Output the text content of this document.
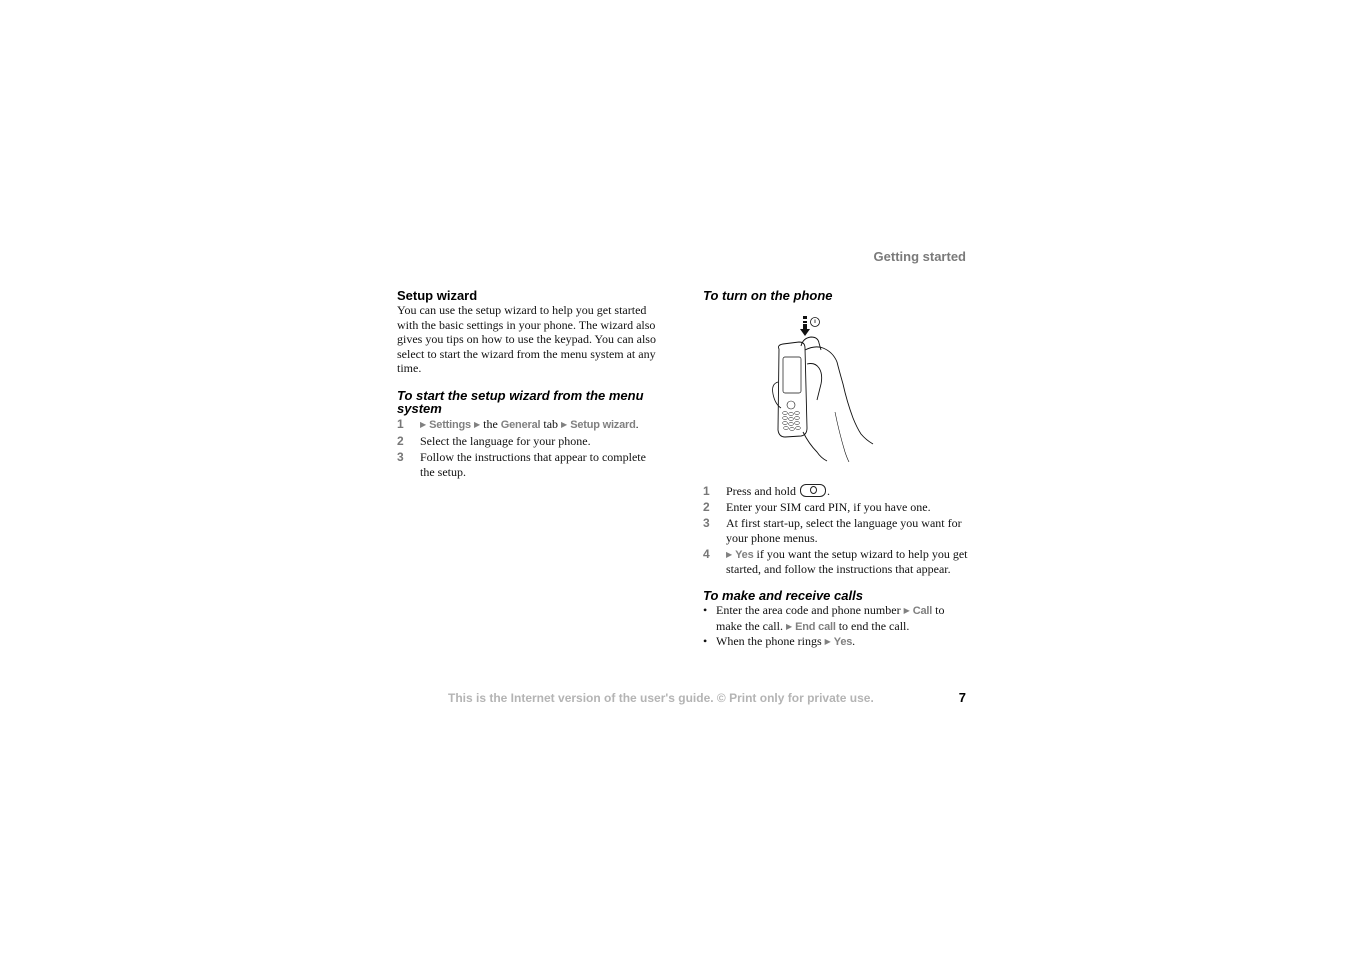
Getting started
Setup wizard
You can use the setup wizard to help you get started with the basic settings in your phone. The wizard also gives you tips on how to use the keypad. You can also select to start the wizard from the menu system at any time.
To start the setup wizard from the menu system
1 ▶ Settings ▶ the General tab ▶ Setup wizard.
2 Select the language for your phone.
3 Follow the instructions that appear to complete the setup.
To turn on the phone
1 Press and hold	.
2 Enter your SIM card PIN, if you have one.
3 At first start-up, select the language you want for your phone menus.
4 ▶ Yes if you want the setup wizard to help you get started, and follow the instructions that appear.
To make and receive calls
• Enter the area code and phone number ▶ Call to make the call. ▶ End call to end the call.
• When the phone rings ▶ Yes.
This is the Internet version of the user's guide. © Print only for private use.	7
